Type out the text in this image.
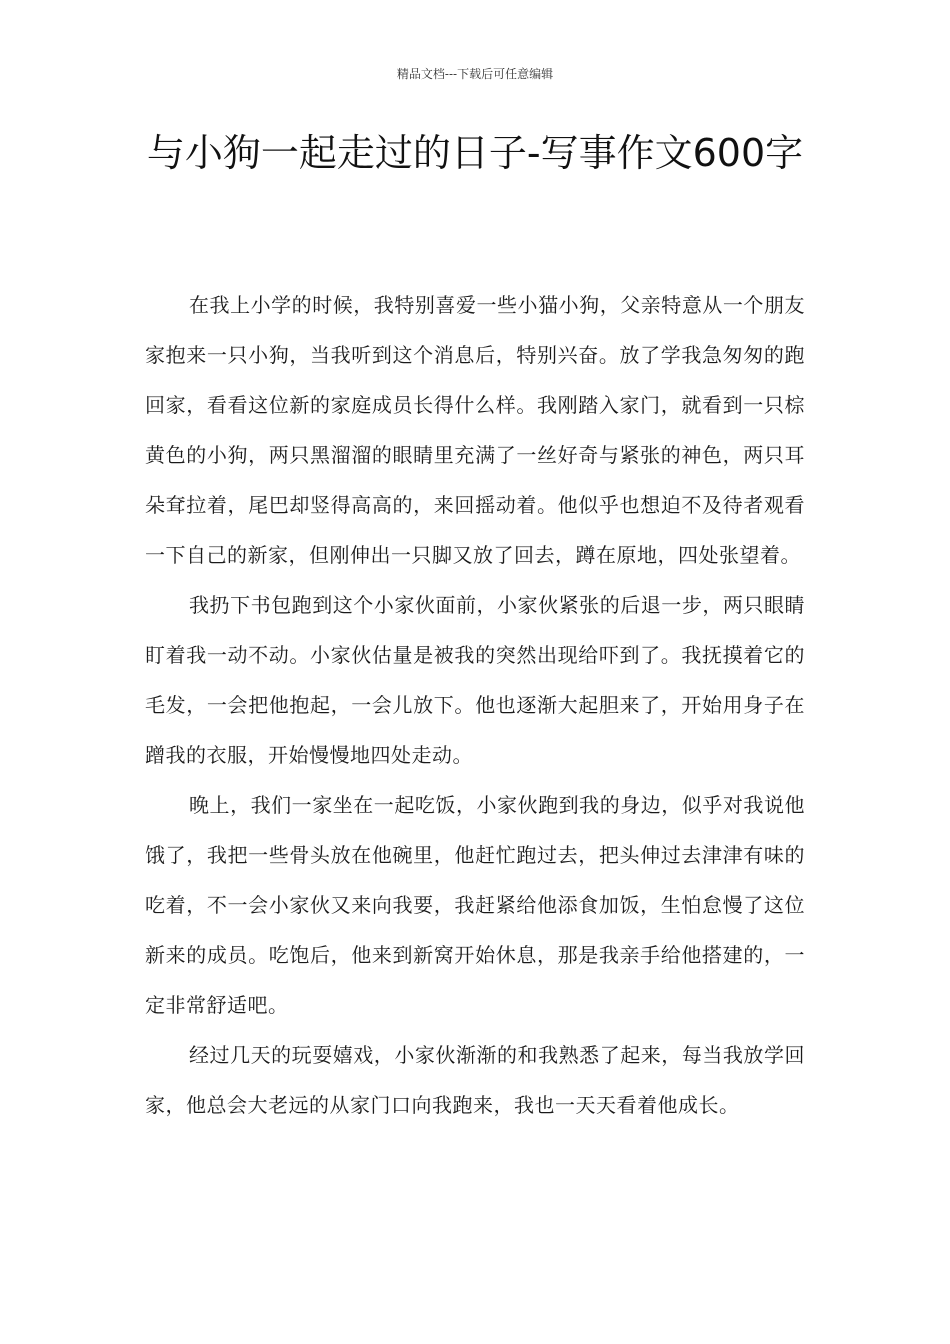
精品文档---下载后可任意编辑
与小狗一起走过的日子-写事作文600字

在我上小学的时候，我特别喜爱一些小猫小狗，父亲特意从一个朋友家抱来一只小狗，当我听到这个消息后，特别兴奋。放了学我急匆匆的跑回家，看看这位新的家庭成员长得什么样。我刚踏入家门，就看到一只棕黄色的小狗，两只黑溜溜的眼睛里充满了一丝好奇与紧张的神色，两只耳朵耷拉着，尾巴却竖得高高的，来回摇动着。他似乎也想迫不及待者观看一下自己的新家，但刚伸出一只脚又放了回去，蹲在原地，四处张望着。

我扔下书包跑到这个小家伙面前，小家伙紧张的后退一步，两只眼睛盯着我一动不动。小家伙估量是被我的突然出现给吓到了。我抚摸着它的毛发，一会把他抱起，一会儿放下。他也逐渐大起胆来了，开始用身子在蹭我的衣服，开始慢慢地四处走动。

晚上，我们一家坐在一起吃饭，小家伙跑到我的身边，似乎对我说他饿了，我把一些骨头放在他碗里，他赶忙跑过去，把头伸过去津津有味的吃着，不一会小家伙又来向我要，我赶紧给他添食加饭，生怕怠慢了这位新来的成员。吃饱后，他来到新窝开始休息，那是我亲手给他搭建的，一定非常舒适吧。

经过几天的玩耍嬉戏，小家伙渐渐的和我熟悉了起来，每当我放学回家，他总会大老远的从家门口向我跑来，我也一天天看着他成长。
